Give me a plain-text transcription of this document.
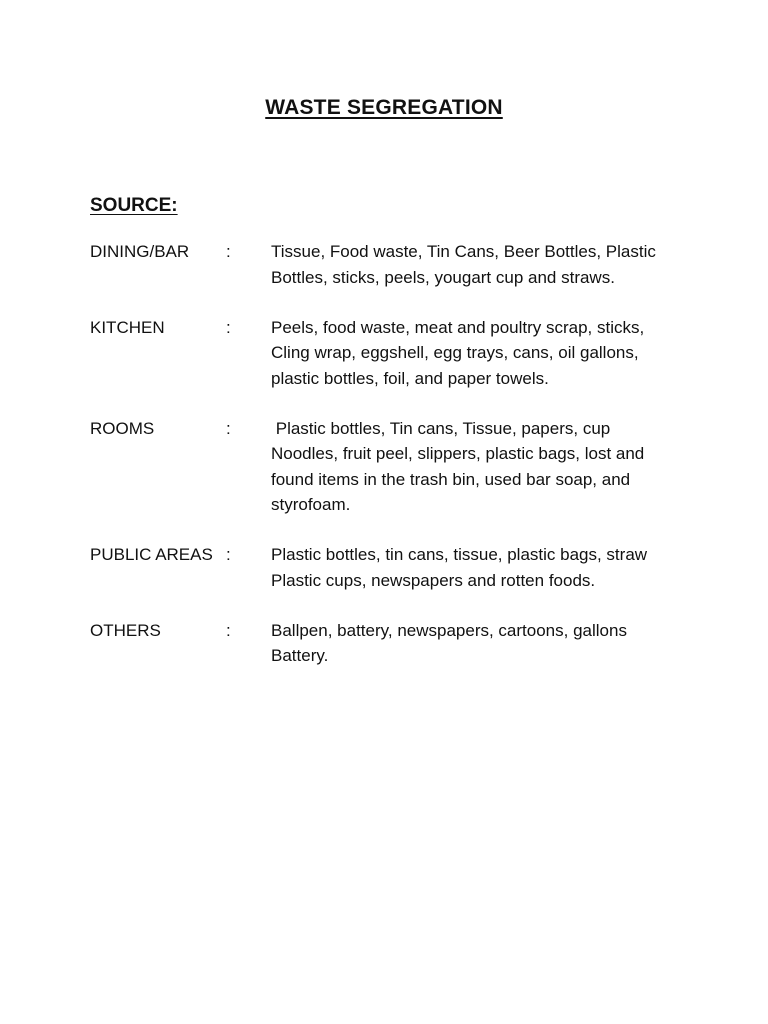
WASTE SEGREGATION
SOURCE:
DINING/BAR : Tissue, Food waste, Tin Cans, Beer Bottles, Plastic Bottles, sticks, peels, yougart cup and straws.
KITCHEN	: Peels, food waste, meat and poultry scrap, sticks, Cling wrap, eggshell, egg trays, cans, oil gallons, plastic bottles, foil, and paper towels.
ROOMS	: Plastic bottles, Tin cans, Tissue, papers, cup Noodles, fruit peel, slippers, plastic bags, lost and found items in the trash bin, used bar soap, and styrofoam.
PUBLIC AREAS : Plastic bottles, tin cans, tissue, plastic bags, straw Plastic cups, newspapers and rotten foods.
OTHERS	: Ballpen, battery, newspapers, cartoons, gallons Battery.
